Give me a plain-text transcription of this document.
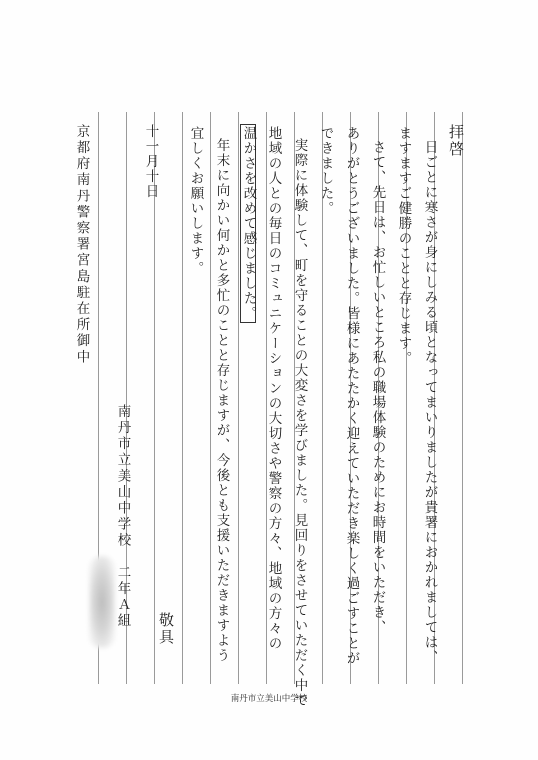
拝啓
日ごとに寒さが身にしみる頃となってまいりましたが貴署におかれましては、
ますますご健勝のことと存じます。
さて、先日は、お忙しいところ私の職場体験のためにお時間をいただき、
ありがとうございました。皆様にあたたかく迎えていただき楽しく過ごすことが
できました。
実際に体験して、町を守ることの大変さを学びました。見回りをさせていただく中で
地域の人との毎日のコミュニケーションの大切さや警察の方々、地域の方々の
温かさを改めて感じました。
年末に向かい何かと多忙のことと存じますが、今後とも支援いただきますよう
宜しくお願いします。
敬具
十一月十日
南丹市立美山中学校　二年Ａ組
京都府南丹警察署宮島駐在所御中
南丹市立美山中学校
